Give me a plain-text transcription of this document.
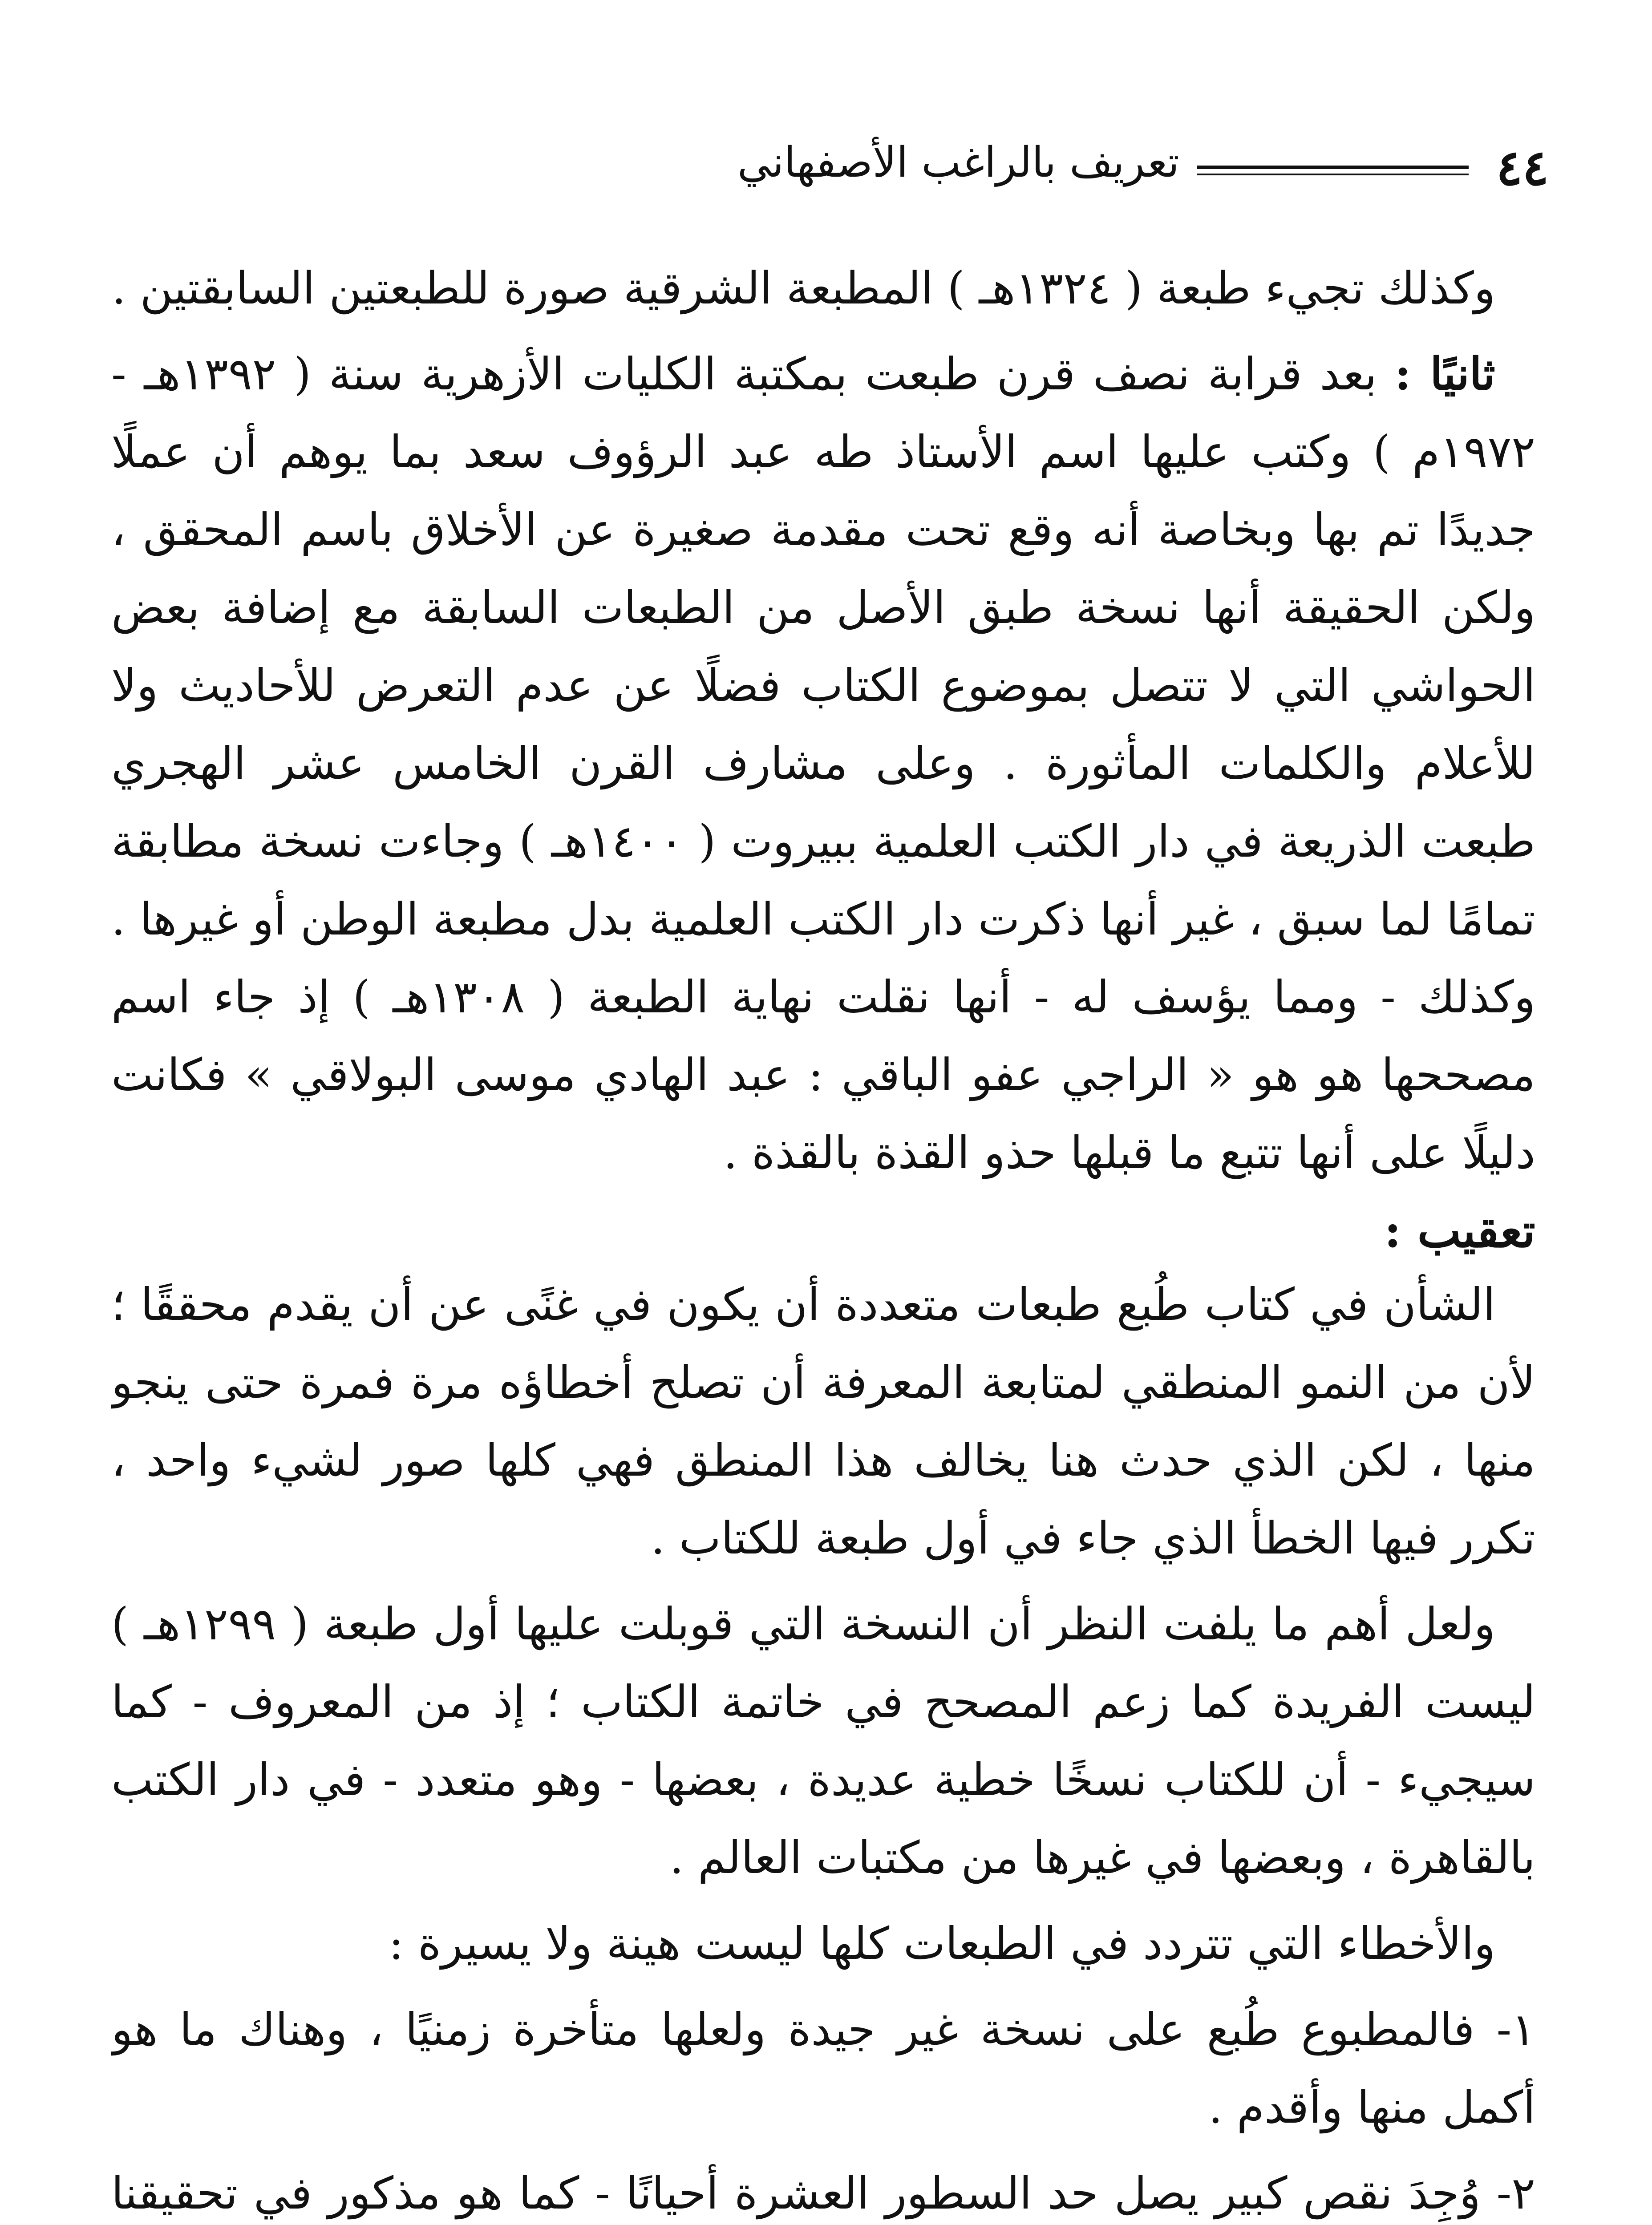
٤٤
تعريف بالراغب الأصفهاني

وكذلك تجيء طبعة ( ١٣٢٤هـ ) المطبعة الشرقية صورة للطبعتين السابقتين .

ثانيًا : بعد قرابة نصف قرن طبعت بمكتبة الكليات الأزهرية سنة ( ١٣٩٢هـ - ١٩٧٢م ) وكتب عليها اسم الأستاذ طه عبد الرؤوف سعد بما يوهم أن عملًا جديدًا تم بها وبخاصة أنه وقع تحت مقدمة صغيرة عن الأخلاق باسم المحقق ، ولكن الحقيقة أنها نسخة طبق الأصل من الطبعات السابقة مع إضافة بعض الحواشي التي لا تتصل بموضوع الكتاب فضلًا عن عدم التعرض للأحاديث ولا للأعلام والكلمات المأثورة . وعلى مشارف القرن الخامس عشر الهجري طبعت الذريعة في دار الكتب العلمية ببيروت ( ١٤٠٠هـ ) وجاءت نسخة مطابقة تمامًا لما سبق ، غير أنها ذكرت دار الكتب العلمية بدل مطبعة الوطن أو غيرها . وكذلك - ومما يؤسف له - أنها نقلت نهاية الطبعة ( ١٣٠٨هـ ) إذ جاء اسم مصححها هو هو « الراجي عفو الباقي : عبد الهادي موسى البولاقي » فكانت دليلًا على أنها تتبع ما قبلها حذو القذة بالقذة .

تعقيب :

الشأن في كتاب طُبع طبعات متعددة أن يكون في غنًى عن أن يقدم محققًا ؛ لأن من النمو المنطقي لمتابعة المعرفة أن تصلح أخطاؤه مرة فمرة حتى ينجو منها ، لكن الذي حدث هنا يخالف هذا المنطق فهي كلها صور لشيء واحد ، تكرر فيها الخطأ الذي جاء في أول طبعة للكتاب .

ولعل أهم ما يلفت النظر أن النسخة التي قوبلت عليها أول طبعة ( ١٢٩٩هـ ) ليست الفريدة كما زعم المصحح في خاتمة الكتاب ؛ إذ من المعروف - كما سيجيء - أن للكتاب نسخًا خطية عديدة ، بعضها - وهو متعدد - في دار الكتب بالقاهرة ، وبعضها في غيرها من مكتبات العالم .

والأخطاء التي تتردد في الطبعات كلها ليست هينة ولا يسيرة :

١- فالمطبوع طُبع على نسخة غير جيدة ولعلها متأخرة زمنيًا ، وهناك ما هو أكمل منها وأقدم .

٢- وُجِدَ نقص كبير يصل حد السطور العشرة أحيانًا - كما هو مذكور في تحقيقنا
